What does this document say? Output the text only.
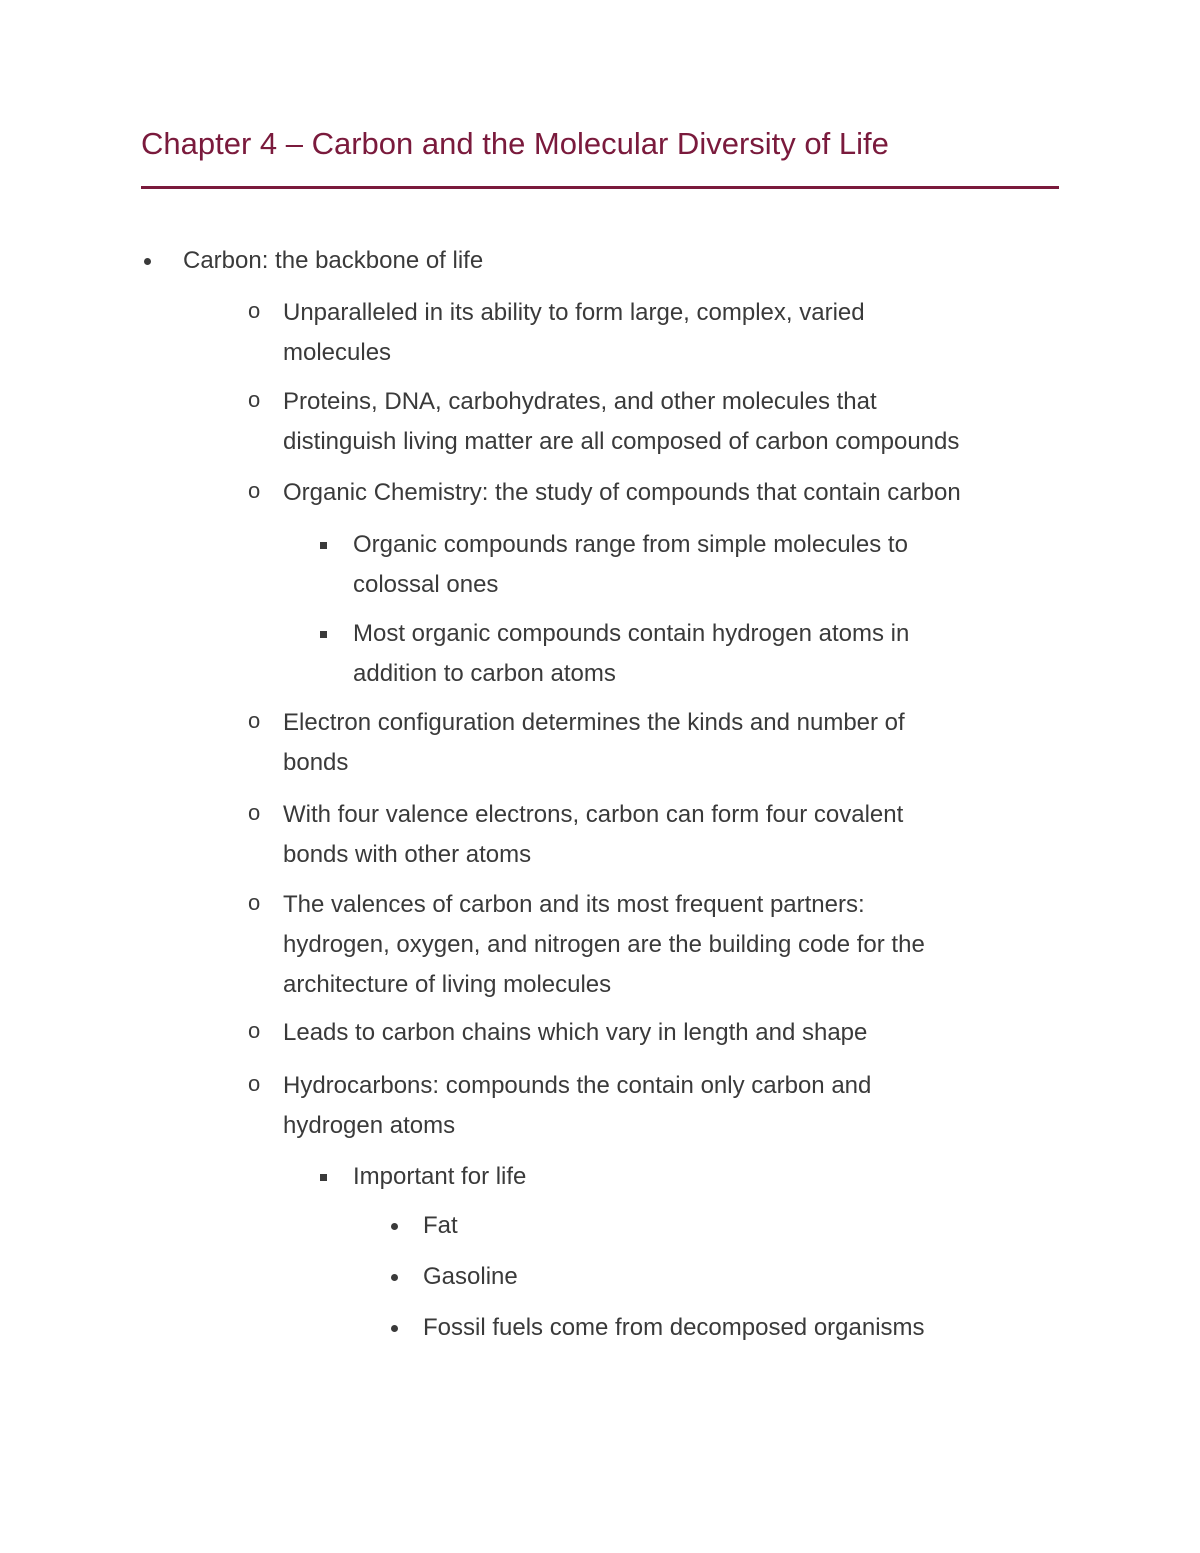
Chapter 4 – Carbon and the Molecular Diversity of Life
Carbon: the backbone of life
o Unparalleled in its ability to form large, complex, varied
molecules
o Proteins, DNA, carbohydrates, and other molecules that
distinguish living matter are all composed of carbon compounds
o Organic Chemistry: the study of compounds that contain carbon
Organic compounds range from simple molecules to
colossal ones
Most organic compounds contain hydrogen atoms in
addition to carbon atoms
o Electron configuration determines the kinds and number of
bonds
o With four valence electrons, carbon can form four covalent
bonds with other atoms
o The valences of carbon and its most frequent partners:
hydrogen, oxygen, and nitrogen are the building code for the
architecture of living molecules
o Leads to carbon chains which vary in length and shape
o Hydrocarbons: compounds the contain only carbon and
hydrogen atoms
Important for life
Fat
Gasoline
Fossil fuels come from decomposed organisms
